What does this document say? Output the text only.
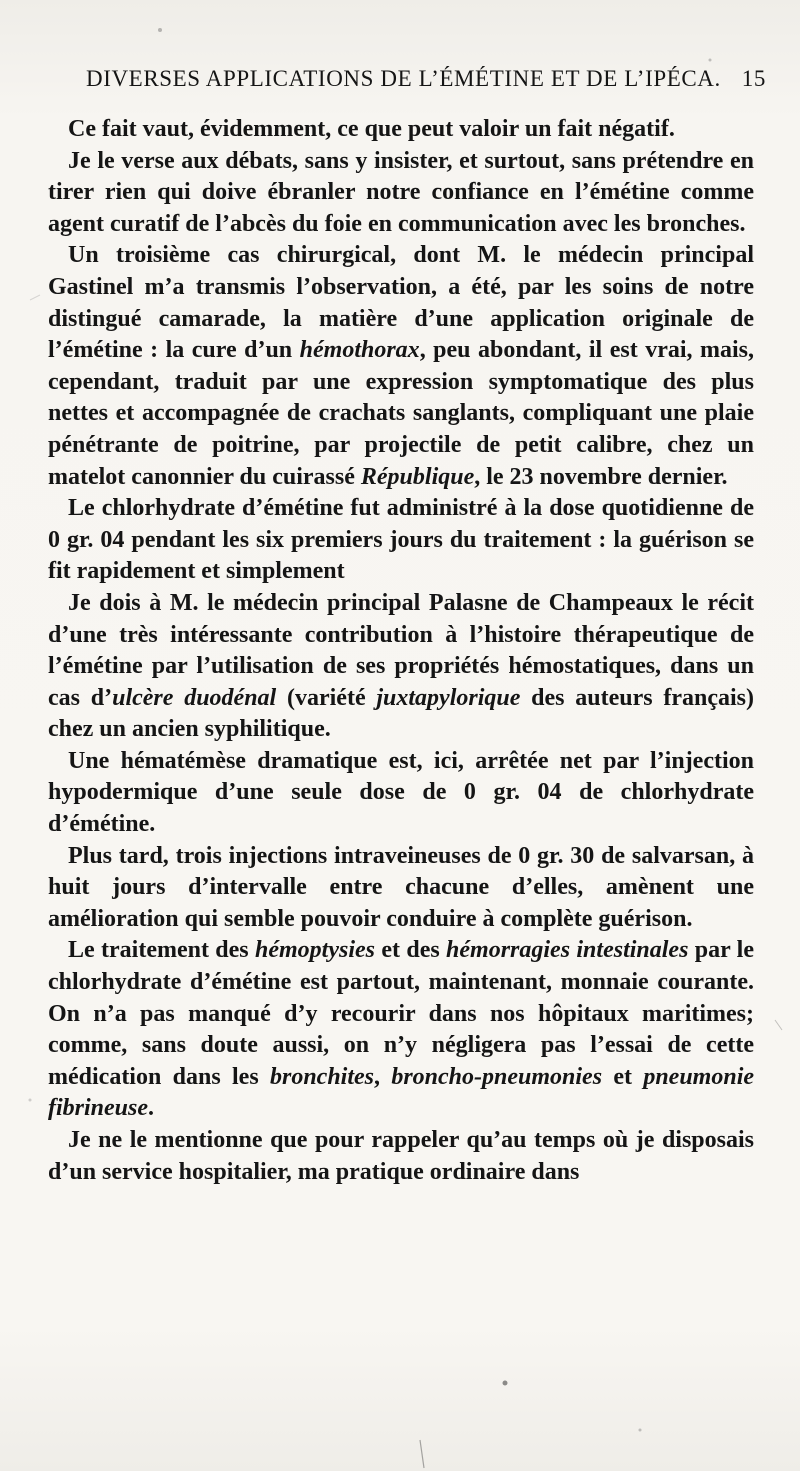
DIVERSES APPLICATIONS DE L’ÉMÉTINE ET DE L’IPÉCA. 15

Ce fait vaut, évidemment, ce que peut valoir un fait négatif.

Je le verse aux débats, sans y insister, et surtout, sans prétendre en tirer rien qui doive ébranler notre confiance en l’émétine comme agent curatif de l’abcès du foie en communication avec les bronches.

Un troisième cas chirurgical, dont M. le médecin principal Gastinel m’a transmis l’observation, a été, par les soins de notre distingué camarade, la matière d’une application originale de l’émétine : la cure d’un hémothorax, peu abondant, il est vrai, mais, cependant, traduit par une expression symptomatique des plus nettes et accompagnée de crachats sanglants, compliquant une plaie pénétrante de poitrine, par projectile de petit calibre, chez un matelot canonnier du cuirassé République, le 23 novembre dernier.

Le chlorhydrate d’émétine fut administré à la dose quotidienne de 0 gr. 04 pendant les six premiers jours du traitement : la guérison se fit rapidement et simplement

Je dois à M. le médecin principal Palasne de Champeaux le récit d’une très intéressante contribution à l’histoire thérapeutique de l’émétine par l’utilisation de ses propriétés hémostatiques, dans un cas d’ulcère duodénal (variété juxtapylorique des auteurs français) chez un ancien syphilitique.

Une hématémèse dramatique est, ici, arrêtée net par l’injection hypodermique d’une seule dose de 0 gr. 04 de chlorhydrate d’émétine.

Plus tard, trois injections intraveineuses de 0 gr. 30 de salvarsan, à huit jours d’intervalle entre chacune d’elles, amènent une amélioration qui semble pouvoir conduire à complète guérison.

Le traitement des hémoptysies et des hémorragies intestinales par le chlorhydrate d’émétine est partout, maintenant, monnaie courante. On n’a pas manqué d’y recourir dans nos hôpitaux maritimes; comme, sans doute aussi, on n’y négligera pas l’essai de cette médication dans les bronchites, broncho-pneumonies et pneumonie fibrineuse.

Je ne le mentionne que pour rappeler qu’au temps où je disposais d’un service hospitalier, ma pratique ordinaire dans
